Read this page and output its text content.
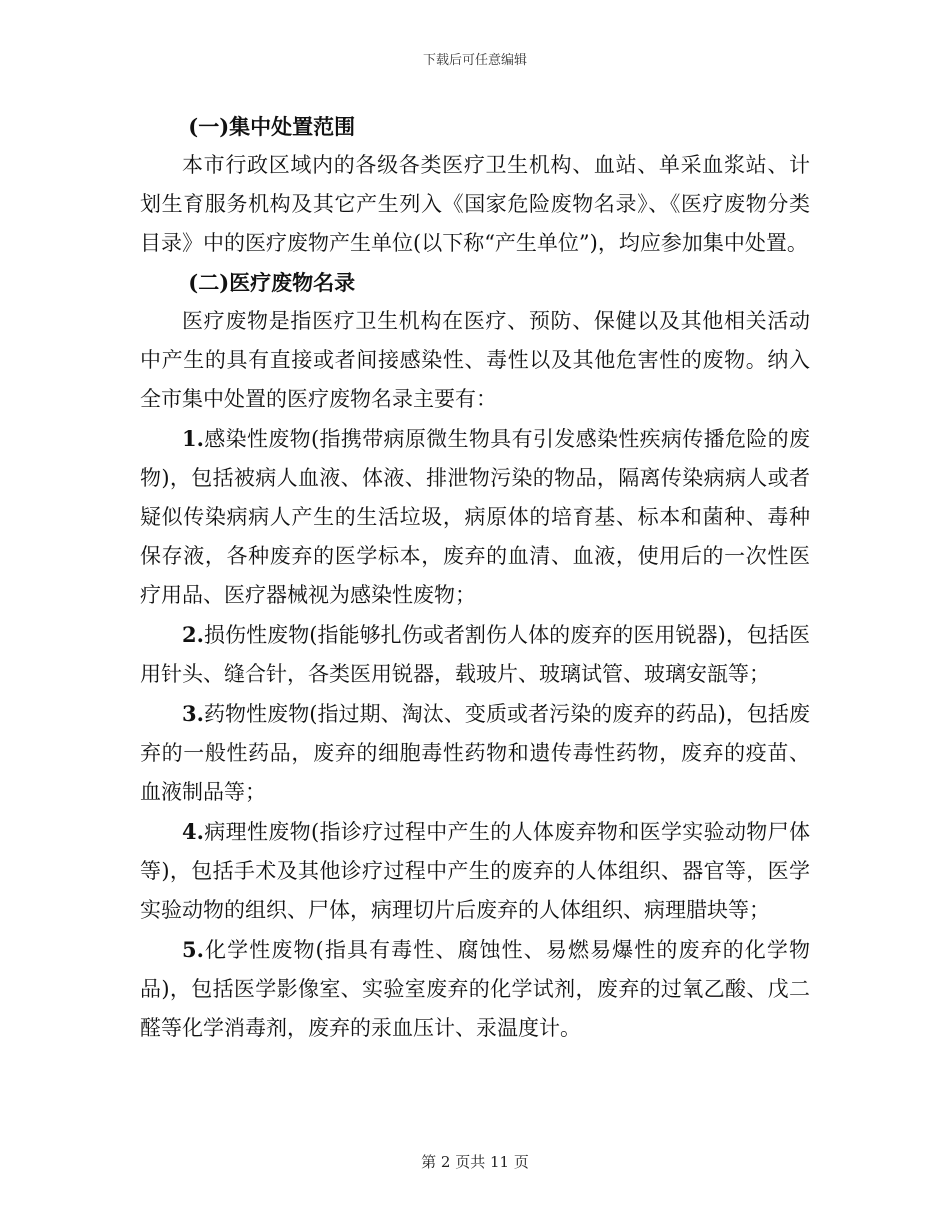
下载后可任意编辑

(一)集中处置范围

本市行政区域内的各级各类医疗卫生机构、血站、单采血浆站、计划生育服务机构及其它产生列入《国家危险废物名录》、《医疗废物分类目录》中的医疗废物产生单位(以下称“产生单位”)，均应参加集中处置。

(二)医疗废物名录

医疗废物是指医疗卫生机构在医疗、预防、保健以及其他相关活动中产生的具有直接或者间接感染性、毒性以及其他危害性的废物。纳入全市集中处置的医疗废物名录主要有：

1.感染性废物(指携带病原微生物具有引发感染性疾病传播危险的废物)，包括被病人血液、体液、排泄物污染的物品，隔离传染病病人或者疑似传染病病人产生的生活垃圾，病原体的培育基、标本和菌种、毒种保存液，各种废弃的医学标本，废弃的血清、血液，使用后的一次性医疗用品、医疗器械视为感染性废物；

2.损伤性废物(指能够扎伤或者割伤人体的废弃的医用锐器)，包括医用针头、缝合针，各类医用锐器，载玻片、玻璃试管、玻璃安瓿等；

3.药物性废物(指过期、淘汰、变质或者污染的废弃的药品)，包括废弃的一般性药品，废弃的细胞毒性药物和遗传毒性药物，废弃的疫苗、血液制品等；

4.病理性废物(指诊疗过程中产生的人体废弃物和医学实验动物尸体等)，包括手术及其他诊疗过程中产生的废弃的人体组织、器官等，医学实验动物的组织、尸体，病理切片后废弃的人体组织、病理腊块等；

5.化学性废物(指具有毒性、腐蚀性、易燃易爆性的废弃的化学物品)，包括医学影像室、实验室废弃的化学试剂，废弃的过氧乙酸、戊二醛等化学消毒剂，废弃的汞血压计、汞温度计。

第 2 页共 11 页
